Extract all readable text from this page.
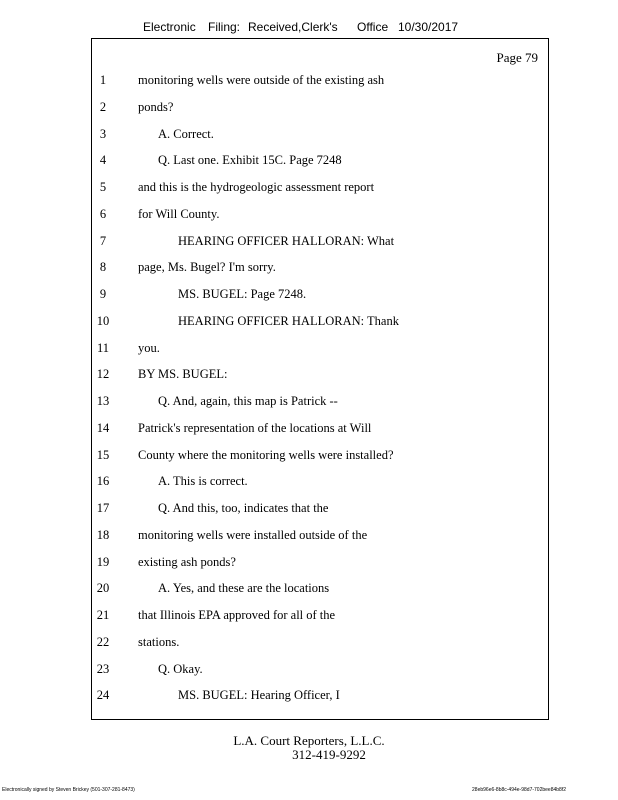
Electronic Filing: Received,Clerk's Office 10/30/2017
Page 79
1	monitoring wells were outside of the existing ash
2	ponds?
3	A. Correct.
4	Q. Last one. Exhibit 15C. Page 7248
5	and this is the hydrogeologic assessment report
6	for Will County.
7	HEARING OFFICER HALLORAN: What
8	page, Ms. Bugel? I'm sorry.
9	MS. BUGEL: Page 7248.
10	HEARING OFFICER HALLORAN: Thank
11	you.
12	BY MS. BUGEL:
13	Q. And, again, this map is Patrick --
14	Patrick's representation of the locations at Will
15	County where the monitoring wells were installed?
16	A. This is correct.
17	Q. And this, too, indicates that the
18	monitoring wells were installed outside of the
19	existing ash ponds?
20	A. Yes, and these are the locations
21	that Illinois EPA approved for all of the
22	stations.
23	Q. Okay.
24	MS. BUGEL: Hearing Officer, I
L.A. Court Reporters, L.L.C.
312-419-9292
Electronically signed by Steven Brickey (501-307-281-8473)	28eb96e6-8b8c-494e-98d7-702bee84b8f2
